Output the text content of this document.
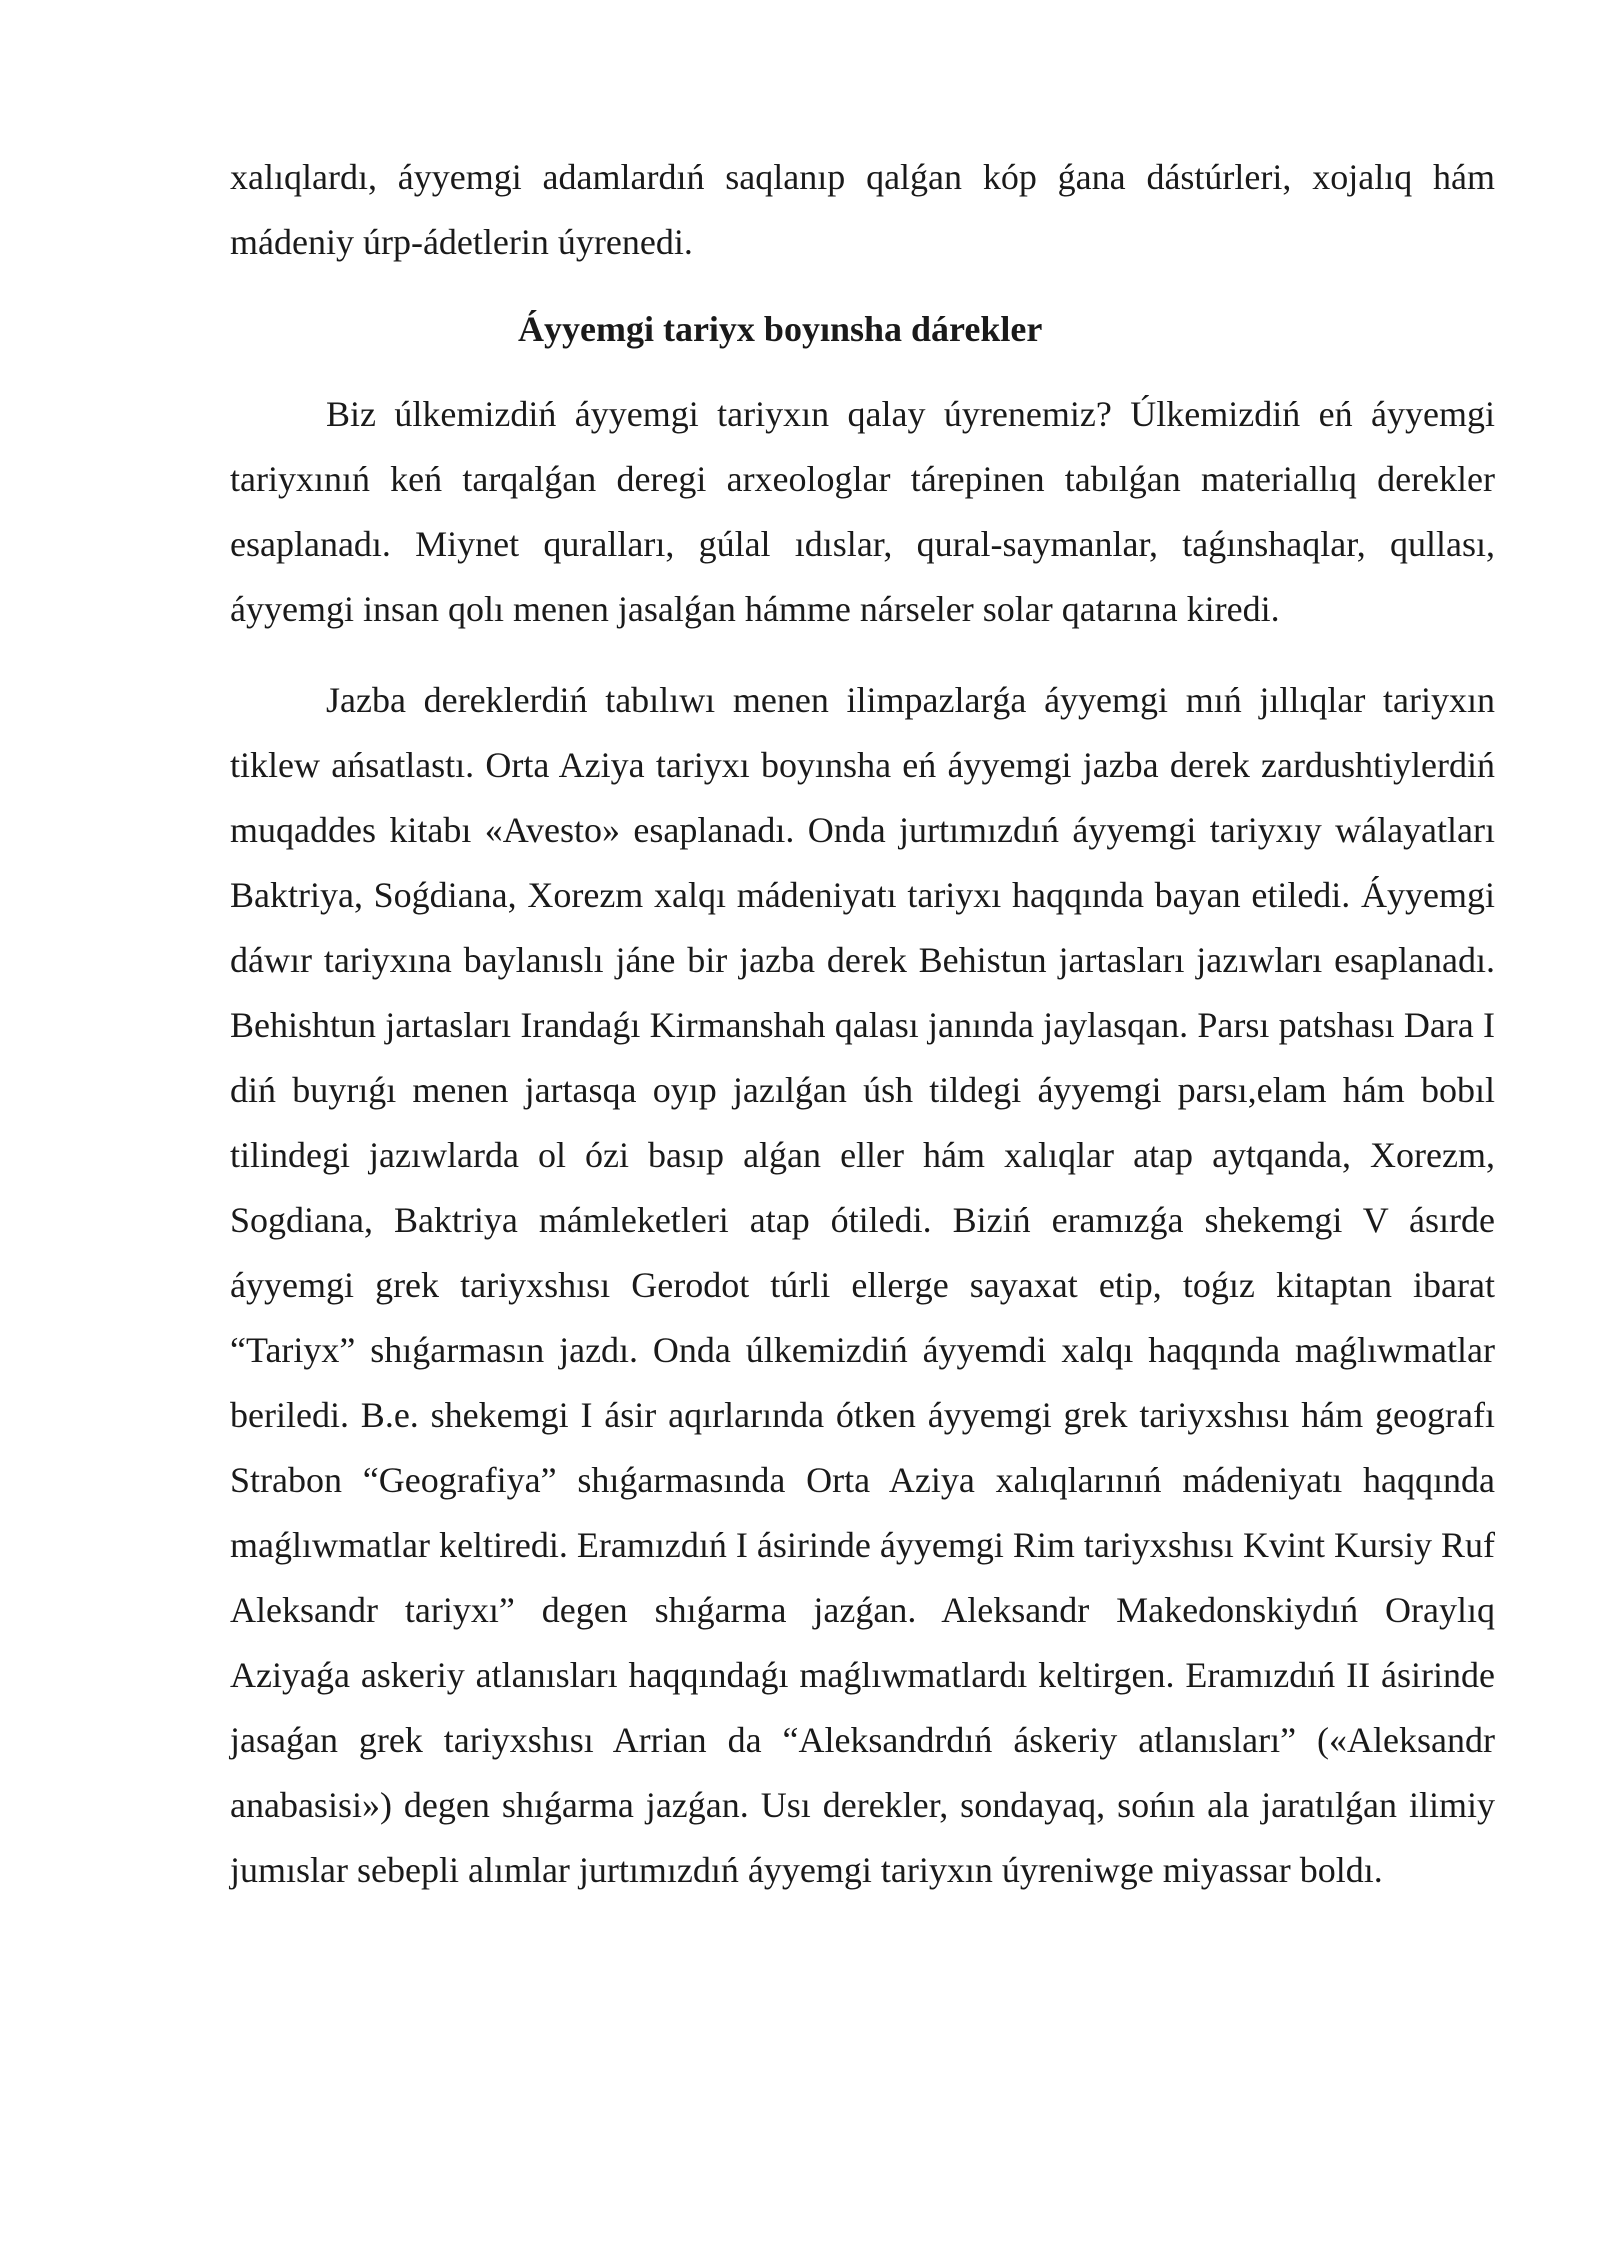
xalıqlardı, áyyemgi adamlardıń saqlanıp qalǵan kóp ǵana dástúrleri, xojalıq hám mádeniy úrp-ádetlerin úyrenedi.

Áyyemgi tariyx boyınsha dárekler

Biz úlkemizdiń áyyemgi tariyxın qalay úyrenemiz? Úlkemizdiń eń áyyemgi tariyxınıń keń tarqalǵan deregi arxeologlar tárepinen tabılǵan materiallıq derekler esaplanadı. Miynet quralları, gúlal ıdıslar, qural-saymanlar, taǵınshaqlar, qullası, áyyemgi insan qolı menen jasalǵan hámme nárseler solar qatarına kiredi.

Jazba dereklerdiń tabılıwı menen ilimpazlarǵa áyyemgi mıń jıllıqlar tariyxın tiklew ańsatlastı. Orta Aziya tariyxı boyınsha eń áyyemgi jazba derek zardushtiylerdiń muqaddes kitabı «Avesto» esaplanadı. Onda jurtımızdıń áyyemgi tariyxıy wálayatları Baktriya, Soǵdiana, Xorezm xalqı mádeniyatı tariyxı haqqında bayan etiledi. Áyyemgi dáwır tariyxına baylanıslı jáne bir jazba derek Behistun jartasları jazıwları esaplanadı. Behishtun jartasları Irandaǵı Kirmanshah qalası janında jaylasqan. Parsı patshası Dara I diń buyrıǵı menen jartasqa oyıp jazılǵan úsh tildegi áyyemgi parsı,elam hám bobıl tilindegi jazıwlarda ol ózi basıp alǵan eller hám xalıqlar atap aytqanda, Xorezm, Sogdiana, Baktriya mámleketleri atap ótiledi. Biziń eramızǵa shekemgi V ásırde áyyemgi grek tariyxshısı Gerodot túrli ellerge sayaxat etip, toǵız kitaptan ibarat “Tariyx” shıǵarmasın jazdı. Onda úlkemizdiń áyyemdi xalqı haqqında maǵlıwmatlar beriledi. B.e. shekemgi I ásir aqırlarında ótken áyyemgi grek tariyxshısı hám geografı Strabon “Geografiya” shıǵarmasında Orta Aziya xalıqlarınıń mádeniyatı haqqında maǵlıwmatlar keltiredi. Eramızdıń I ásirinde áyyemgi Rim tariyxshısı Kvint Kursiy Ruf Aleksandr tariyxı” degen shıǵarma jazǵan. Aleksandr Makedonskiydıń Oraylıq Aziyaǵa askeriy atlanısları haqqındaǵı maǵlıwmatlardı keltirgen. Eramızdıń II ásirinde jasaǵan grek tariyxshısı Arrian da “Aleksandrdıń áskeriy atlanısları” («Aleksandr anabasisi») degen shıǵarma jazǵan. Usı derekler, sondayaq, sońın ala jaratılǵan ilimiy jumıslar sebepli alımlar jurtımızdıń áyyemgi tariyxın úyreniwge miyassar boldı.
